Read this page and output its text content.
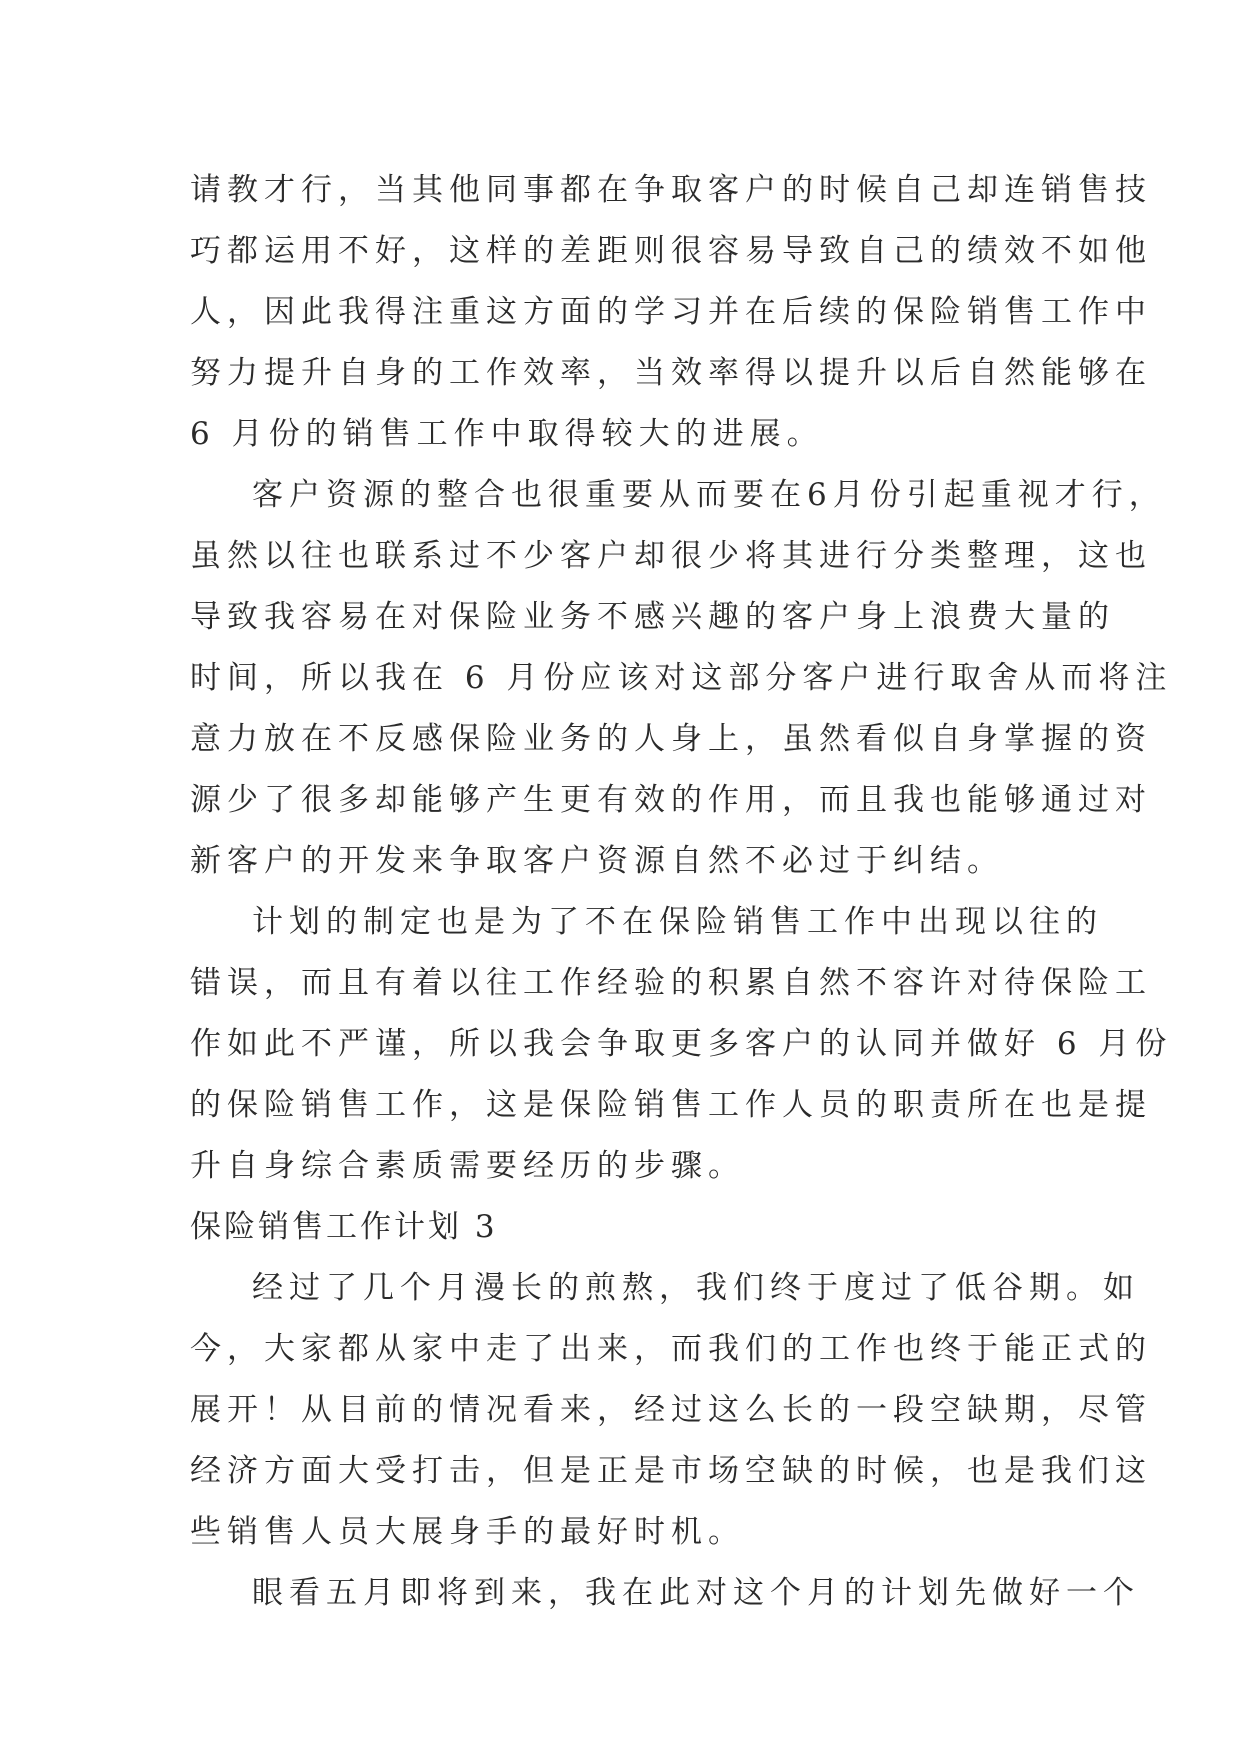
请教才行，当其他同事都在争取客户的时候自己却连销售技
巧都运用不好，这样的差距则很容易导致自己的绩效不如他
人，因此我得注重这方面的学习并在后续的保险销售工作中
努力提升自身的工作效率，当效率得以提升以后自然能够在
6 月份的销售工作中取得较大的进展。
客户资源的整合也很重要从而要在6月份引起重视才行，
虽然以往也联系过不少客户却很少将其进行分类整理，这也
导致我容易在对保险业务不感兴趣的客户身上浪费大量的
时间，所以我在 6 月份应该对这部分客户进行取舍从而将注
意力放在不反感保险业务的人身上，虽然看似自身掌握的资
源少了很多却能够产生更有效的作用，而且我也能够通过对
新客户的开发来争取客户资源自然不必过于纠结。
计划的制定也是为了不在保险销售工作中出现以往的
错误，而且有着以往工作经验的积累自然不容许对待保险工
作如此不严谨，所以我会争取更多客户的认同并做好 6 月份
的保险销售工作，这是保险销售工作人员的职责所在也是提
升自身综合素质需要经历的步骤。
保险销售工作计划 3
经过了几个月漫长的煎熬，我们终于度过了低谷期。如
今，大家都从家中走了出来，而我们的工作也终于能正式的
展开！从目前的情况看来，经过这么长的一段空缺期，尽管
经济方面大受打击，但是正是市场空缺的时候，也是我们这
些销售人员大展身手的最好时机。
眼看五月即将到来，我在此对这个月的计划先做好一个
